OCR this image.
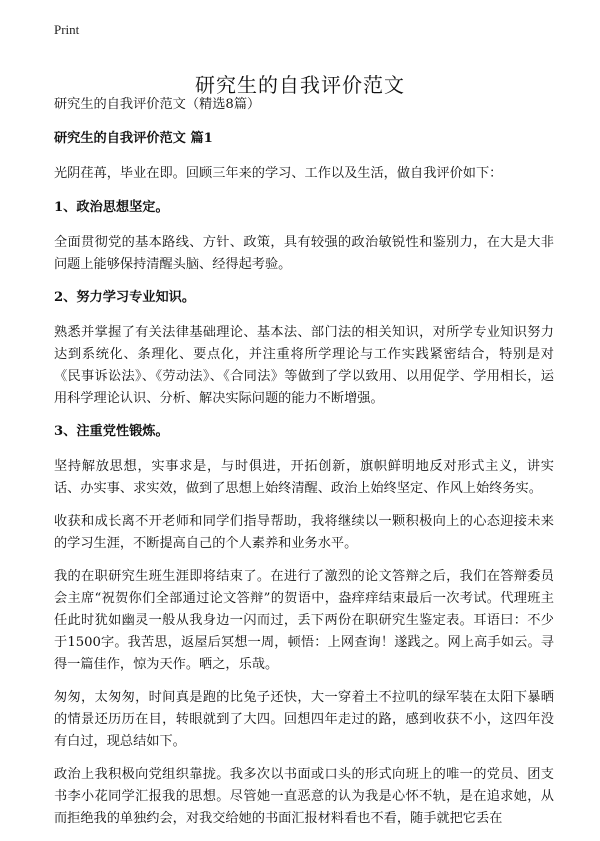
Print
研究生的自我评价范文

研究生的自我评价范文（精选8篇）

研究生的自我评价范文 篇1

光阴荏苒，毕业在即。回顾三年来的学习、工作以及生活，做自我评价如下：

1、政治思想坚定。

全面贯彻党的基本路线、方针、政策，具有较强的政治敏锐性和鉴别力，在大是大非问题上能够保持清醒头脑、经得起考验。

2、努力学习专业知识。

熟悉并掌握了有关法律基础理论、基本法、部门法的相关知识，对所学专业知识努力达到系统化、条理化、要点化，并注重将所学理论与工作实践紧密结合，特别是对《民事诉讼法》、《劳动法》、《合同法》等做到了学以致用、以用促学、学用相长，运用科学理论认识、分析、解决实际问题的能力不断增强。

3、注重党性锻炼。

坚持解放思想，实事求是，与时俱进，开拓创新，旗帜鲜明地反对形式主义，讲实话、办实事、求实效，做到了思想上始终清醒、政治上始终坚定、作风上始终务实。

收获和成长离不开老师和同学们指导帮助，我将继续以一颗积极向上的心态迎接未来的学习生涯，不断提高自己的个人素养和业务水平。

我的在职研究生班生涯即将结束了。在进行了激烈的论文答辩之后，我们在答辩委员会主席“祝贺你们全部通过论文答辩”的贺语中，盎痒痒结束最后一次考试。代理班主任此时犹如幽灵一般从我身边一闪而过，丢下两份在职研究生鉴定表。耳语曰：不少于1500字。我苦思，返屋后冥想一周，顿悟：上网查询！遂践之。网上高手如云。寻得一篇佳作，惊为天作。晒之，乐哉。

匆匆，太匆匆，时间真是跑的比兔子还快，大一穿着土不拉叽的绿军装在太阳下暴晒的情景还历历在目，转眼就到了大四。回想四年走过的路，感到收获不小，这四年没有白过，现总结如下。

政治上我积极向党组织靠拢。我多次以书面或口头的形式向班上的唯一的党员、团支书李小花同学汇报我的思想。尽管她一直恶意的认为我是心怀不轨，是在追求她，从而拒绝我的单独约会，对我交给她的书面汇报材料看也不看，随手就把它丢在
